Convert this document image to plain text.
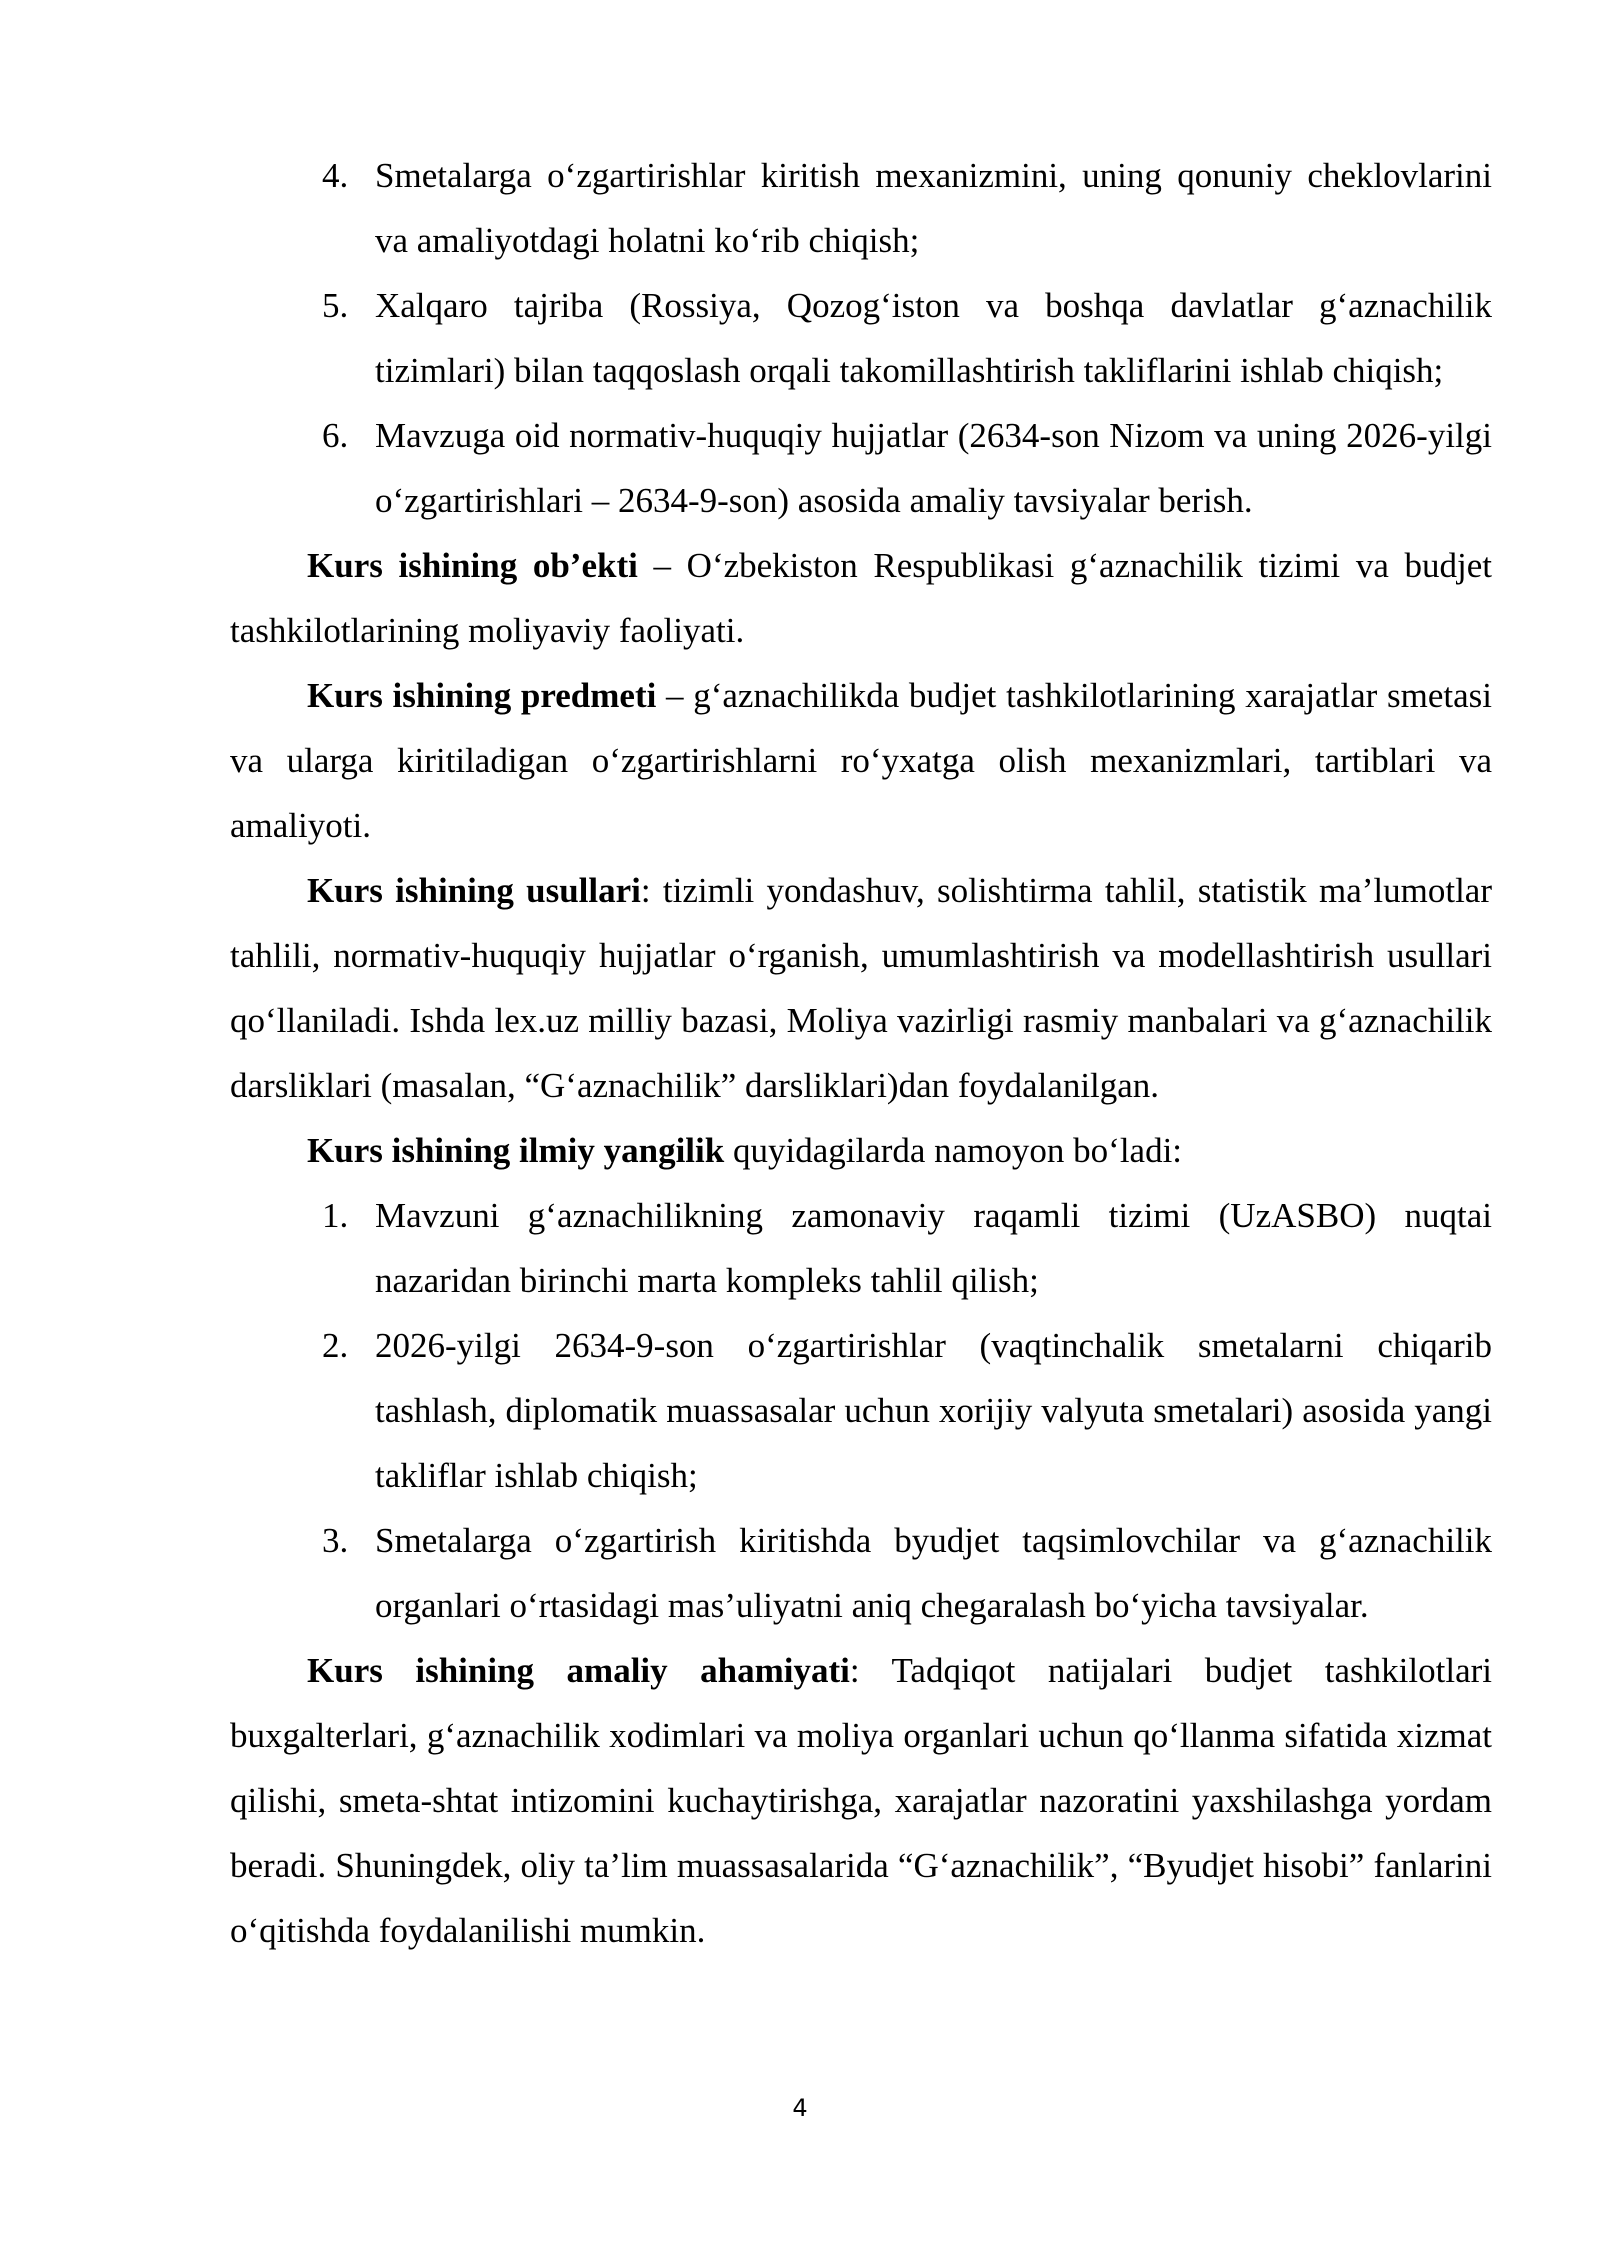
4. Smetalarga o‘zgartirishlar kiritish mexanizmini, uning qonuniy cheklovlarini va amaliyotdagi holatni ko‘rib chiqish;
5. Xalqaro tajriba (Rossiya, Qozog‘iston va boshqa davlatlar g‘aznachilik tizimlari) bilan taqqoslash orqali takomillashtirish takliflarini ishlab chiqish;
6. Mavzuga oid normativ-huquqiy hujjatlar (2634-son Nizom va uning 2026-yilgi o‘zgartirishlari – 2634-9-son) asosida amaliy tavsiyalar berish.

Kurs ishining ob’ekti – O‘zbekiston Respublikasi g‘aznachilik tizimi va budjet tashkilotlarining moliyaviy faoliyati.

Kurs ishining predmeti – g‘aznachilikda budjet tashkilotlarining xarajatlar smetasi va ularga kiritiladigan o‘zgartirishlarni ro‘yxatga olish mexanizmlari, tartiblari va amaliyoti.

Kurs ishining usullari: tizimli yondashuv, solishtirma tahlil, statistik ma’lumotlar tahlili, normativ-huquqiy hujjatlar o‘rganish, umumlashtirish va modellashtirish usullari qo‘llaniladi. Ishda lex.uz milliy bazasi, Moliya vazirligi rasmiy manbalari va g‘aznachilik darsliklari (masalan, “G‘aznachilik” darsliklari)dan foydalanilgan.

Kurs ishining ilmiy yangilik quyidagilarda namoyon bo‘ladi:

1. Mavzuni g‘aznachilikning zamonaviy raqamli tizimi (UzASBO) nuqtai nazaridan birinchi marta kompleks tahlil qilish;
2. 2026-yilgi 2634-9-son o‘zgartirishlar (vaqtinchalik smetalarni chiqarib tashlash, diplomatik muassasalar uchun xorijiy valyuta smetalari) asosida yangi takliflar ishlab chiqish;
3. Smetalarga o‘zgartirish kiritishda byudjet taqsimlovchilar va g‘aznachilik organlari o‘rtasidagi mas’uliyatni aniq chegaralash bo‘yicha tavsiyalar.

Kurs ishining amaliy ahamiyati: Tadqiqot natijalari budjet tashkilotlari buxgalterlari, g‘aznachilik xodimlari va moliya organlari uchun qo‘llanma sifatida xizmat qilishi, smeta-shtat intizomini kuchaytirishga, xarajatlar nazoratini yaxshilashga yordam beradi. Shuningdek, oliy ta’lim muassasalarida “G‘aznachilik”, “Byudjet hisobi” fanlarini o‘qitishda foydalanilishi mumkin.

4
